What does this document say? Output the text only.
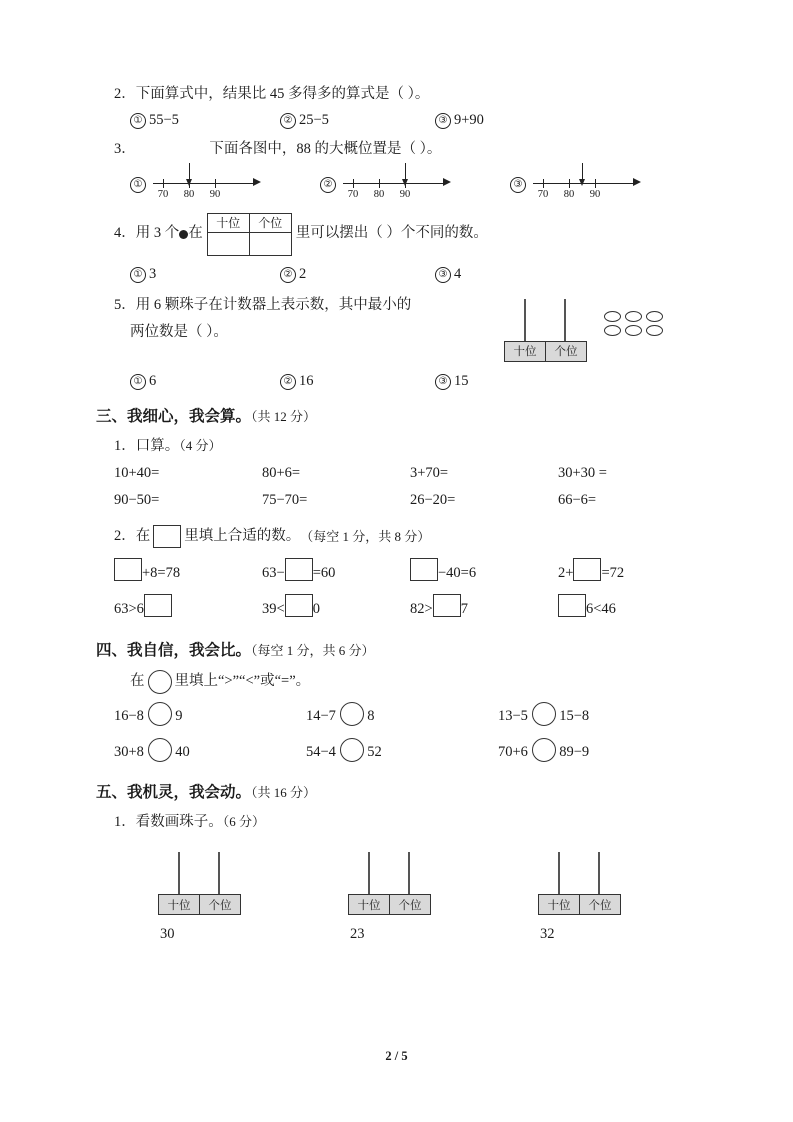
2．下面算式中，结果比 45 多得多的算式是（ ）。
① 55−5	② 25−5	③ 9+90
3．	下面各图中，88 的大概位置是（ ）。
①
70 80 90
②
70 80 90
③
70 80 90
4．用 3 个 在
十位	个位

里可以摆出（ ）个不同的数。
① 3	② 2	③ 4
5．用 6 颗珠子在计数器上表示数，其中最小的
两位数是（ ）。
十位	个位
① 6	② 16	③ 15
三、我细心，我会算。（共 12 分）
1．口算。（4 分）
10+40=	80+6=	3+70=	30+30 =
90−50=	75−70=	26−20=	66−6=
2．在 里填上合适的数。 （每空 1 分，共 8 分）
+8=78	63− =60	−40=6	2+ =72
63>6	39< 0	82> 7	6<46
四、我自信，我会比。（每空 1 分，共 6 分）
在 里填上“>”“<”或“=”。
16−8 9	14−7 8	13−5 15−8
30+8 40	54−4 52	70+6 89−9
五、我机灵，我会动。（共 16 分）
1．看数画珠子。（6 分）
十位	个位
30
十位	个位
23
十位	个位
32
2 / 5
